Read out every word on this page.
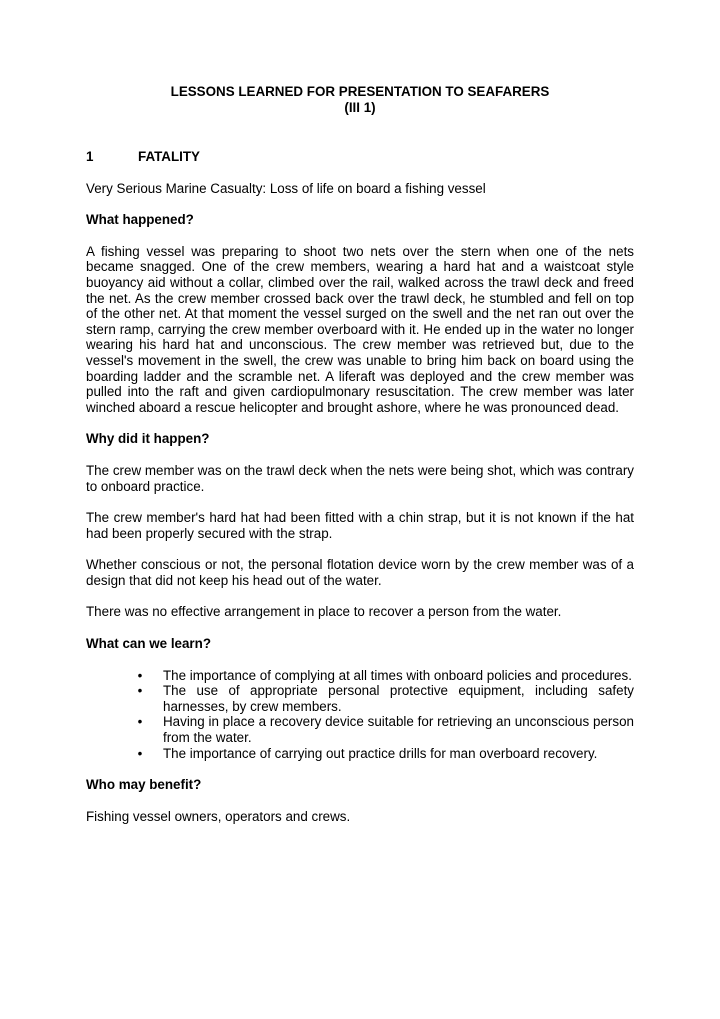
LESSONS LEARNED FOR PRESENTATION TO SEAFARERS
(III 1)
1	FATALITY

Very Serious Marine Casualty: Loss of life on board a fishing vessel

What happened?

A fishing vessel was preparing to shoot two nets over the stern when one of the nets became snagged. One of the crew members, wearing a hard hat and a waistcoat style buoyancy aid without a collar, climbed over the rail, walked across the trawl deck and freed the net. As the crew member crossed back over the trawl deck, he stumbled and fell on top of the other net. At that moment the vessel surged on the swell and the net ran out over the stern ramp, carrying the crew member overboard with it. He ended up in the water no longer wearing his hard hat and unconscious. The crew member was retrieved but, due to the vessel's movement in the swell, the crew was unable to bring him back on board using the boarding ladder and the scramble net. A liferaft was deployed and the crew member was pulled into the raft and given cardiopulmonary resuscitation. The crew member was later winched aboard a rescue helicopter and brought ashore, where he was pronounced dead.

Why did it happen?

The crew member was on the trawl deck when the nets were being shot, which was contrary to onboard practice.

The crew member's hard hat had been fitted with a chin strap, but it is not known if the hat had been properly secured with the strap.

Whether conscious or not, the personal flotation device worn by the crew member was of a design that did not keep his head out of the water.

There was no effective arrangement in place to recover a person from the water.

What can we learn?

• The importance of complying at all times with onboard policies and procedures.
• The use of appropriate personal protective equipment, including safety harnesses, by crew members.
• Having in place a recovery device suitable for retrieving an unconscious person from the water.
• The importance of carrying out practice drills for man overboard recovery.

Who may benefit?

Fishing vessel owners, operators and crews.
